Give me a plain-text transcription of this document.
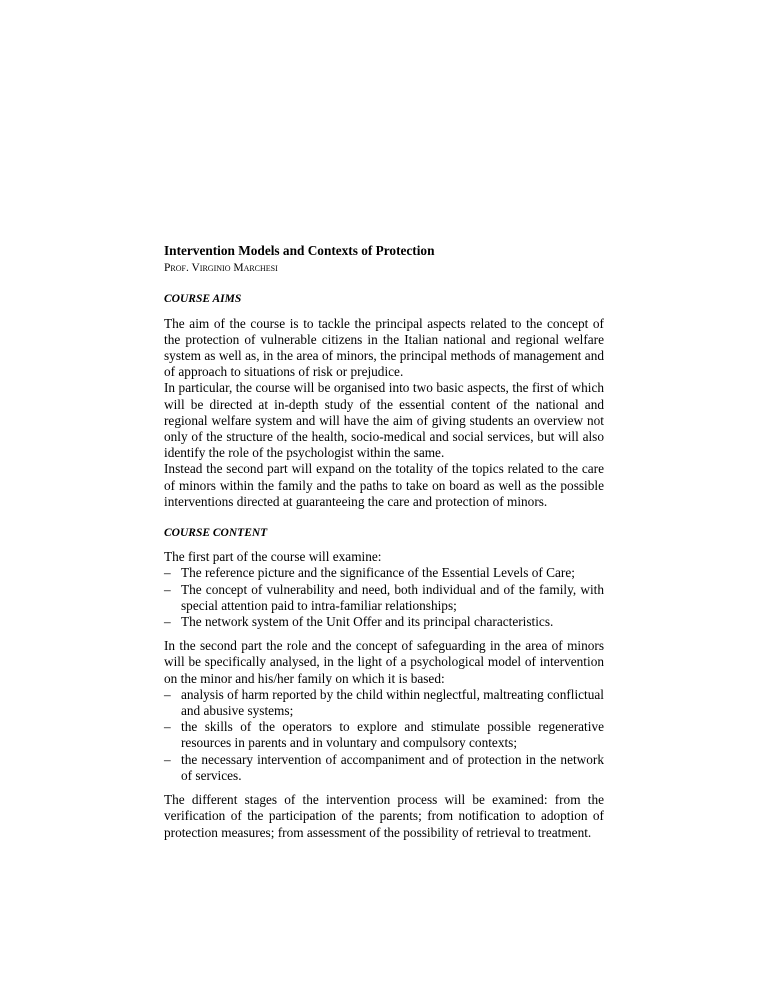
Intervention Models and Contexts of Protection
Prof. Virginio Marchesi
COURSE AIMS

The aim of the course is to tackle the principal aspects related to the concept of the protection of vulnerable citizens in the Italian national and regional welfare system as well as, in the area of minors, the principal methods of management and of approach to situations of risk or prejudice.

In particular, the course will be organised into two basic aspects, the first of which will be directed at in-depth study of the essential content of the national and regional welfare system and will have the aim of giving students an overview not only of the structure of the health, socio-medical and social services, but will also identify the role of the psychologist within the same.

Instead the second part will expand on the totality of the topics related to the care of minors within the family and the paths to take on board as well as the possible interventions directed at guaranteeing the care and protection of minors.

COURSE CONTENT

The first part of the course will examine:

– The reference picture and the significance of the Essential Levels of Care;
– The concept of vulnerability and need, both individual and of the family, with special attention paid to intra-familiar relationships;
– The network system of the Unit Offer and its principal characteristics.

In the second part the role and the concept of safeguarding in the area of minors will be specifically analysed, in the light of a psychological model of intervention on the minor and his/her family on which it is based:

– analysis of harm reported by the child within neglectful, maltreating conflictual and abusive systems;
– the skills of the operators to explore and stimulate possible regenerative resources in parents and in voluntary and compulsory contexts;
– the necessary intervention of accompaniment and of protection in the network of services.

The different stages of the intervention process will be examined: from the verification of the participation of the parents; from notification to adoption of protection measures; from assessment of the possibility of retrieval to treatment.
